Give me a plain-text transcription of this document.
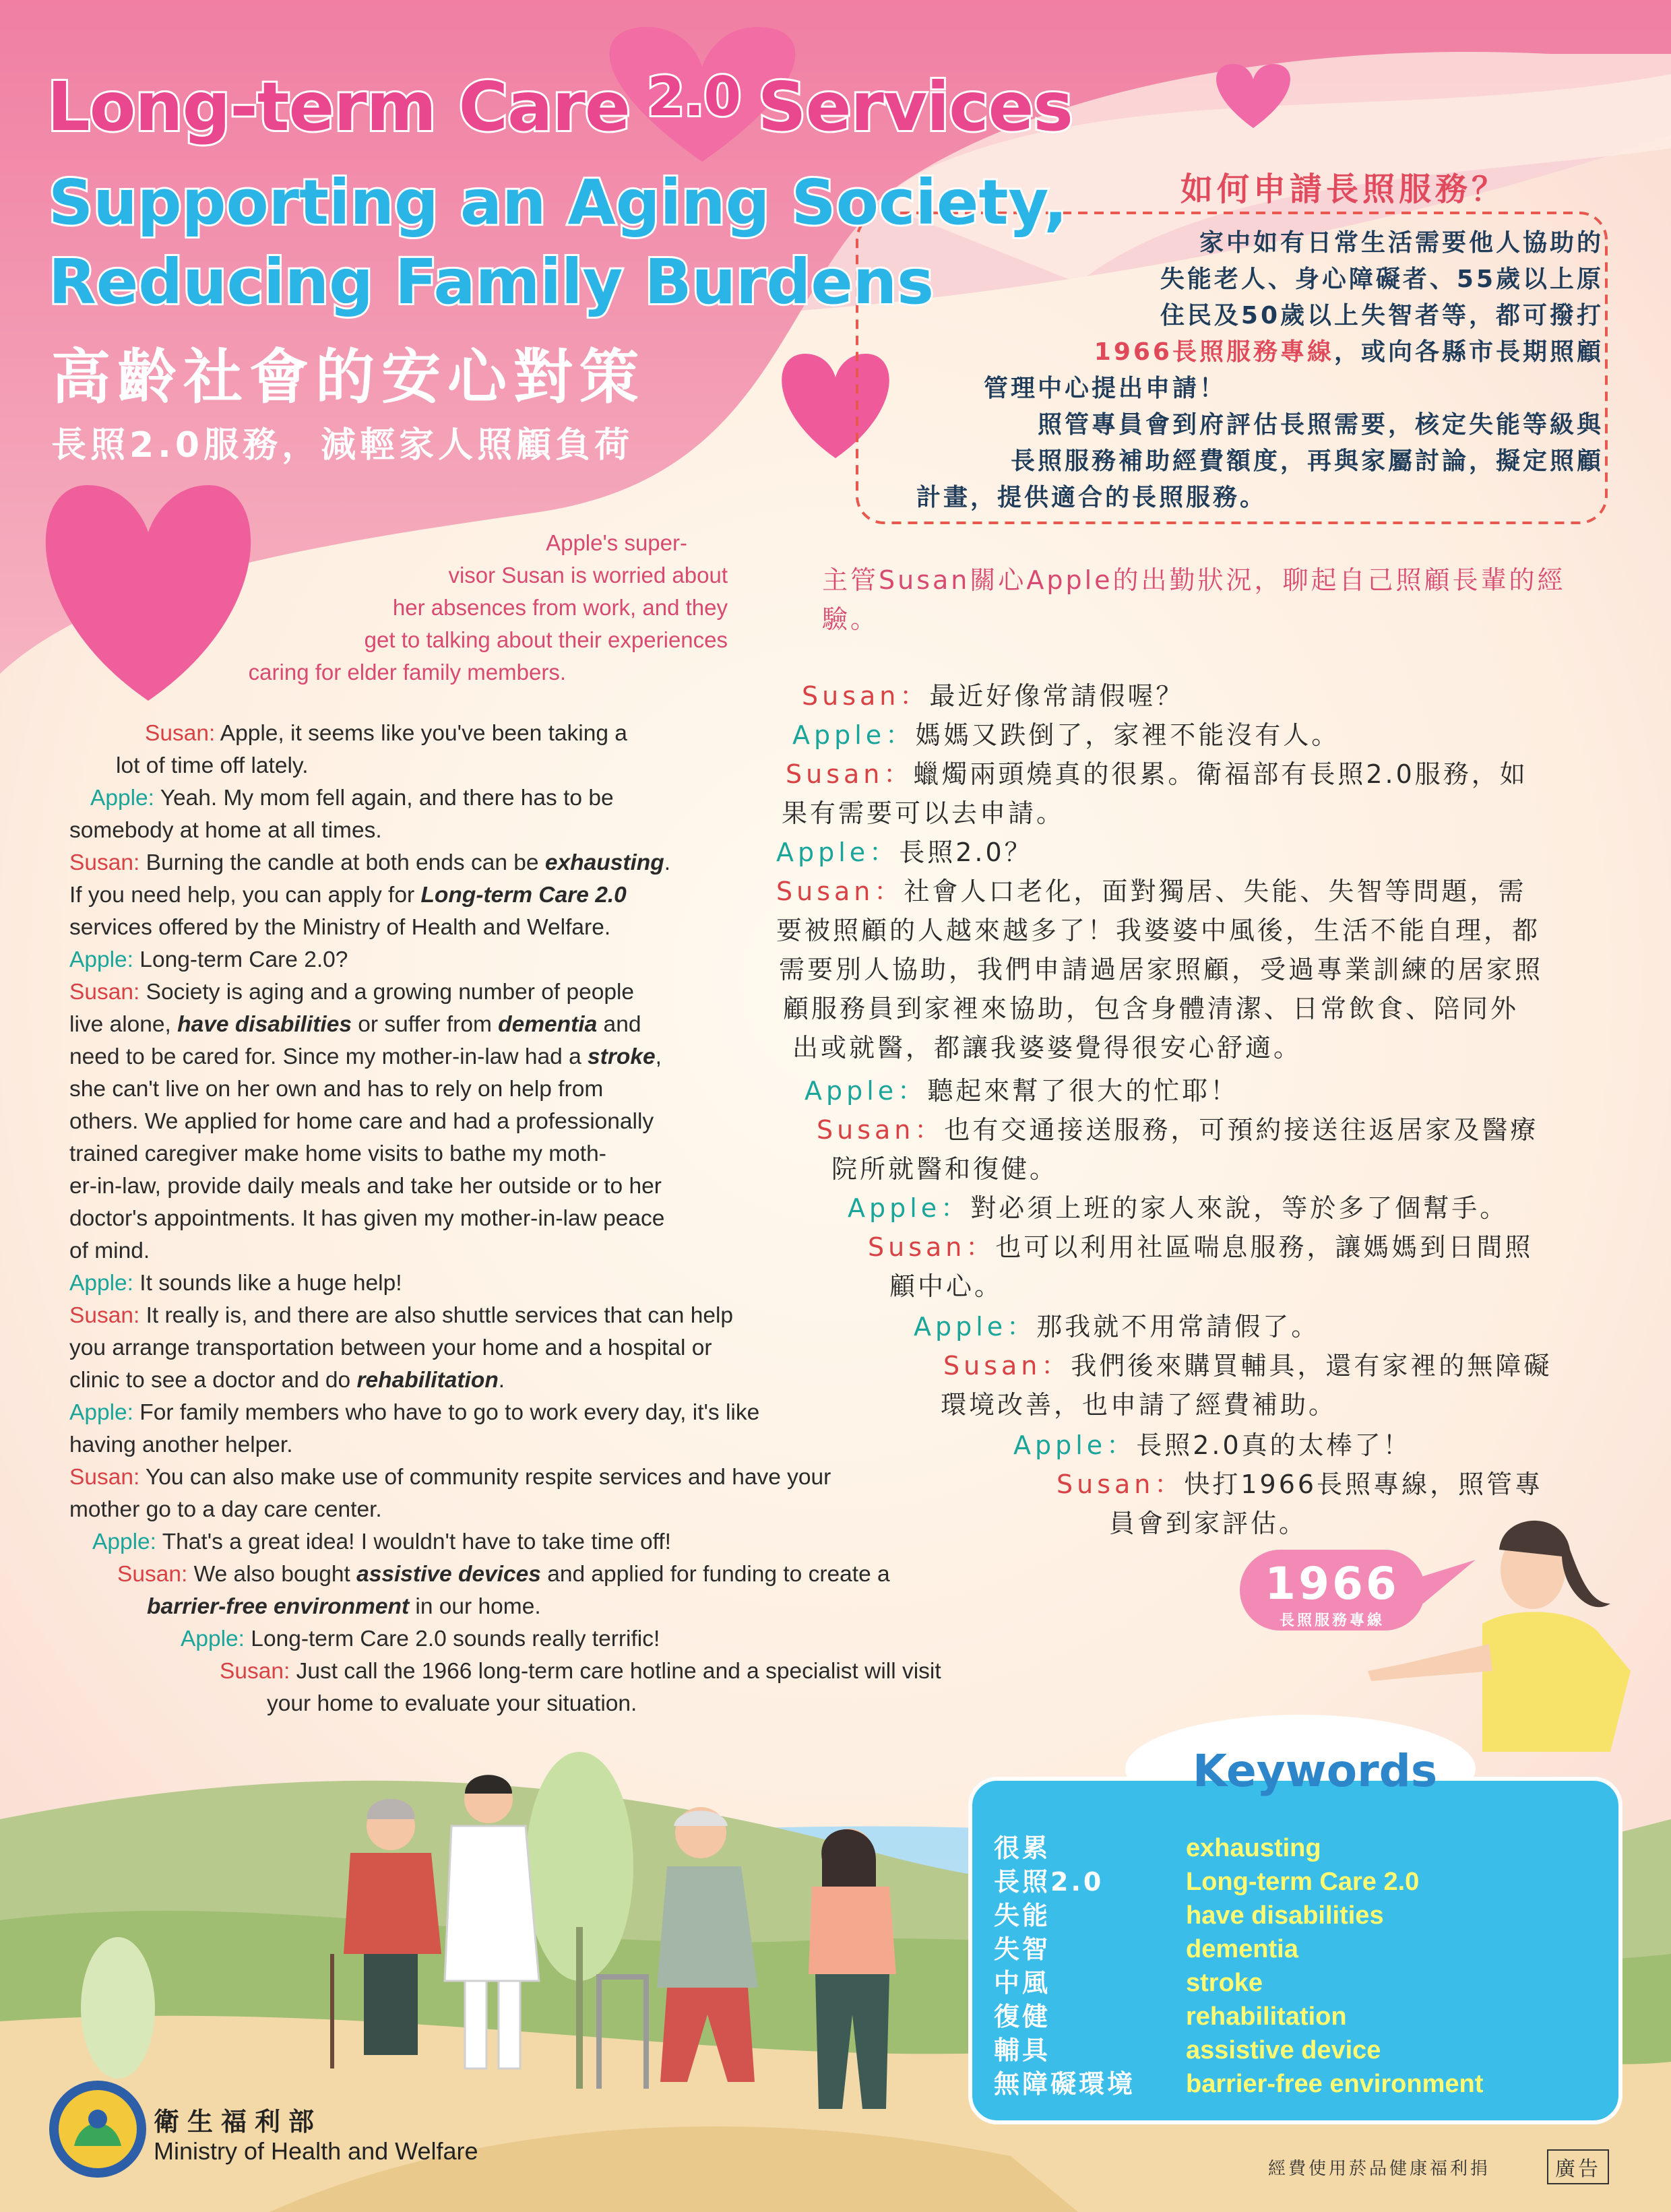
Long-term Care 2.0 Services
Supporting an Aging Society,
Reducing Family Burdens
高齡社會的安心對策
長照2.0服務，減輕家人照顧負荷
如何申請長照服務？
家中如有日常生活需要他人協助的
失能老人、身心障礙者、55歲以上原
住民及50歲以上失智者等，都可撥打
1966長照服務專線，或向各縣市長期照顧
管理中心提出申請！
照管專員會到府評估長照需要，核定失能等級與
長照服務補助經費額度，再與家屬討論，擬定照顧
計畫，提供適合的長照服務。
Apple's super-
visor Susan is worried about
her absences from work, and they
get to talking about their experiences
caring for elder family members.
主管Susan關心Apple的出勤狀況，聊起自己照顧長輩的經驗。
Susan: Apple, it seems like you've been taking a
lot of time off lately.
Apple: Yeah. My mom fell again, and there has to be
somebody at home at all times.
Susan: Burning the candle at both ends can be exhausting.
If you need help, you can apply for Long-term Care 2.0
services offered by the Ministry of Health and Welfare.
Apple: Long-term Care 2.0?
Susan: Society is aging and a growing number of people
live alone, have disabilities or suffer from dementia and
need to be cared for. Since my mother-in-law had a stroke,
she can't live on her own and has to rely on help from
others. We applied for home care and had a professionally
trained caregiver make home visits to bathe my moth-
er-in-law, provide daily meals and take her outside or to her
doctor's appointments. It has given my mother-in-law peace
of mind.
Apple: It sounds like a huge help!
Susan: It really is, and there are also shuttle services that can help
you arrange transportation between your home and a hospital or
clinic to see a doctor and do rehabilitation.
Apple: For family members who have to go to work every day, it's like
having another helper.
Susan: You can also make use of community respite services and have your
mother go to a day care center.
Apple: That's a great idea! I wouldn't have to take time off!
Susan: We also bought assistive devices and applied for funding to create a
barrier-free environment in our home.
Apple: Long-term Care 2.0 sounds really terrific!
Susan: Just call the 1966 long-term care hotline and a specialist will visit
your home to evaluate your situation.
Susan：最近好像常請假喔？
Apple：媽媽又跌倒了，家裡不能沒有人。
Susan：蠟燭兩頭燒真的很累。衛福部有長照2.0服務，如
果有需要可以去申請。
Apple：長照2.0？
Susan：社會人口老化，面對獨居、失能、失智等問題，需
要被照顧的人越來越多了！我婆婆中風後，生活不能自理，都
需要別人協助，我們申請過居家照顧，受過專業訓練的居家照
顧服務員到家裡來協助，包含身體清潔、日常飲食、陪同外
出或就醫，都讓我婆婆覺得很安心舒適。
Apple：聽起來幫了很大的忙耶！
Susan：也有交通接送服務，可預約接送往返居家及醫療
院所就醫和復健。
Apple：對必須上班的家人來說，等於多了個幫手。
Susan：也可以利用社區喘息服務，讓媽媽到日間照
顧中心。
Apple：那我就不用常請假了。
Susan：我們後來購買輔具，還有家裡的無障礙
環境改善，也申請了經費補助。
Apple：長照2.0真的太棒了！
Susan：快打1966長照專線，照管專
員會到家評估。
1966
長照服務專線
Keywords
很累	exhausting
長照2.0	Long-term Care 2.0
失能	have disabilities
失智	dementia
中風	stroke
復健	rehabilitation
輔具	assistive device
無障礙環境 barrier-free environment
衛生福利部
Ministry of Health and Welfare
經費使用菸品健康福利捐	廣告
